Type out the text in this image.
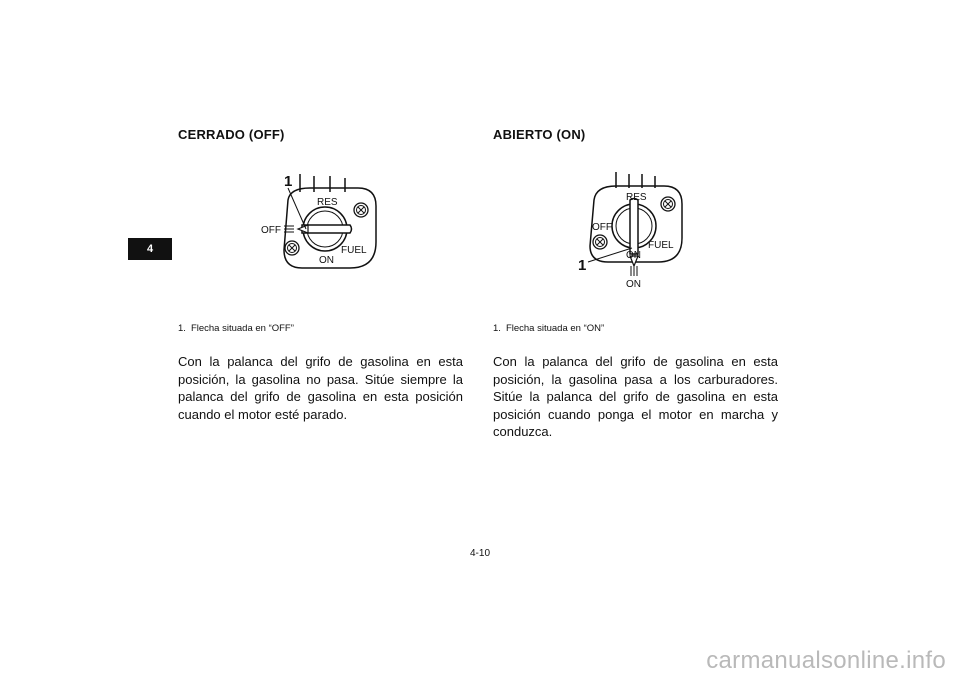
4
CERRADO (OFF)
1
RES
OFF
FUEL
ON
1. Flecha situada en “OFF”

Con la palanca del grifo de gasolina en esta posición, la gasolina no pasa. Sitúe siempre la palanca del grifo de gasolina en esta posición cuando el motor esté parado.

ABIERTO (ON)
RES
OFF
FUEL
ON
1
ON
1. Flecha situada en “ON”

Con la palanca del grifo de gasolina en esta posición, la gasolina pasa a los carburadores. Sitúe la palanca del grifo de gasolina en esta posición cuando ponga el motor en marcha y conduzca.

4-10
carmanualsonline.info
